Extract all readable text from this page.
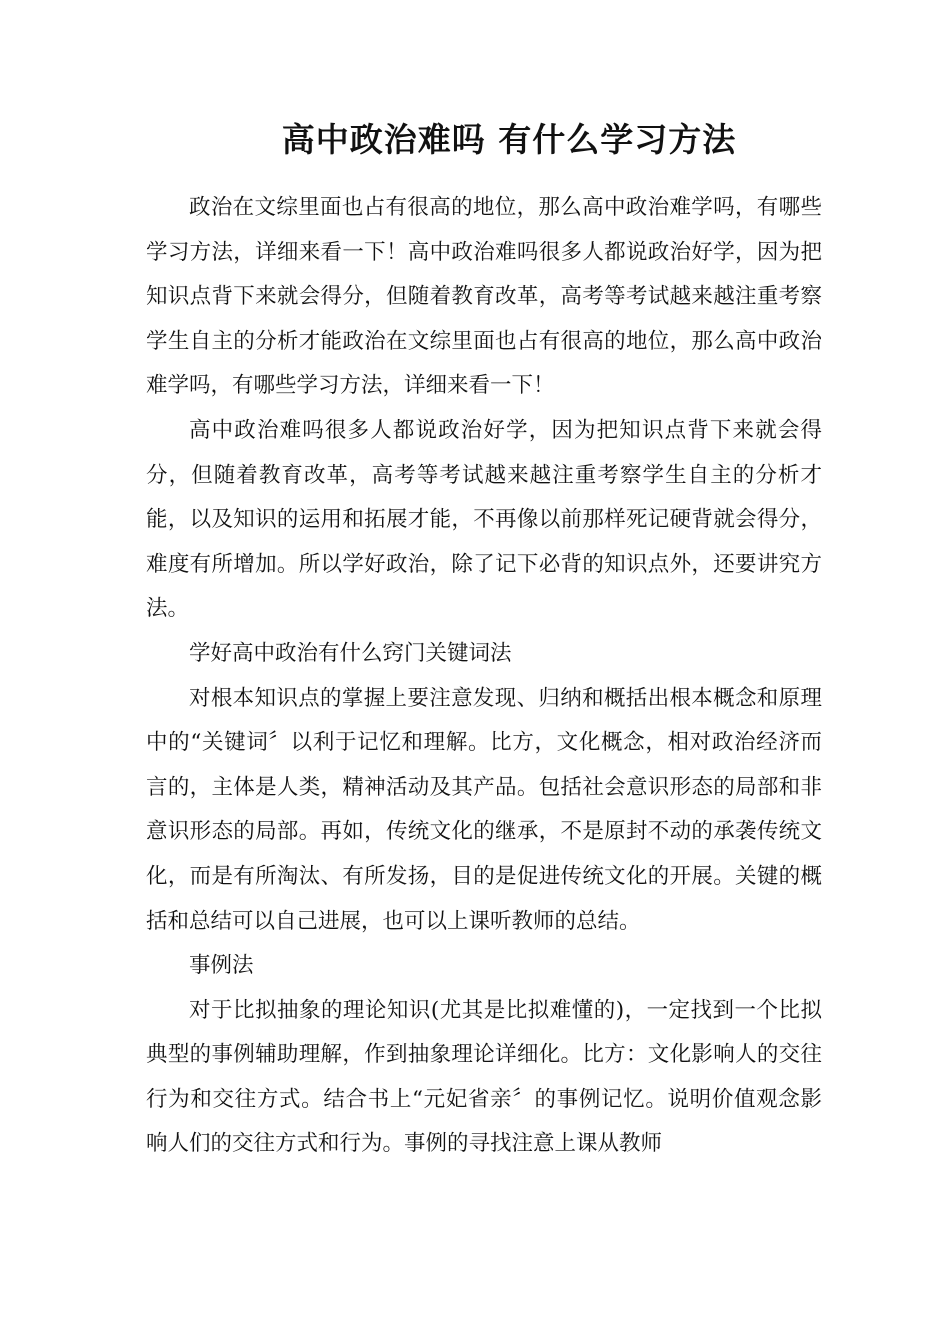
高中政治难吗 有什么学习方法

政治在文综里面也占有很高的地位，那么高中政治难学吗，有哪些学习方法，详细来看一下！高中政治难吗很多人都说政治好学，因为把知识点背下来就会得分，但随着教育改革，高考等考试越来越注重考察学生自主的分析才能政治在文综里面也占有很高的地位，那么高中政治难学吗，有哪些学习方法，详细来看一下！

高中政治难吗很多人都说政治好学，因为把知识点背下来就会得分，但随着教育改革，高考等考试越来越注重考察学生自主的分析才能，以及知识的运用和拓展才能，不再像以前那样死记硬背就会得分，难度有所增加。所以学好政治，除了记下必背的知识点外，还要讲究方法。

学好高中政治有什么窍门关键词法

对根本知识点的掌握上要注意发现、归纳和概括出根本概念和原理中的“关键词〞以利于记忆和理解。比方，文化概念，相对政治经济而言的，主体是人类，精神活动及其产品。包括社会意识形态的局部和非意识形态的局部。再如，传统文化的继承，不是原封不动的承袭传统文化，而是有所淘汰、有所发扬，目的是促进传统文化的开展。关键的概括和总结可以自己进展，也可以上课听教师的总结。

事例法

对于比拟抽象的理论知识(尤其是比拟难懂的)，一定找到一个比拟典型的事例辅助理解，作到抽象理论详细化。比方：文化影响人的交往行为和交往方式。结合书上“元妃省亲〞的事例记忆。说明价值观念影响人们的交往方式和行为。事例的寻找注意上课从教师
